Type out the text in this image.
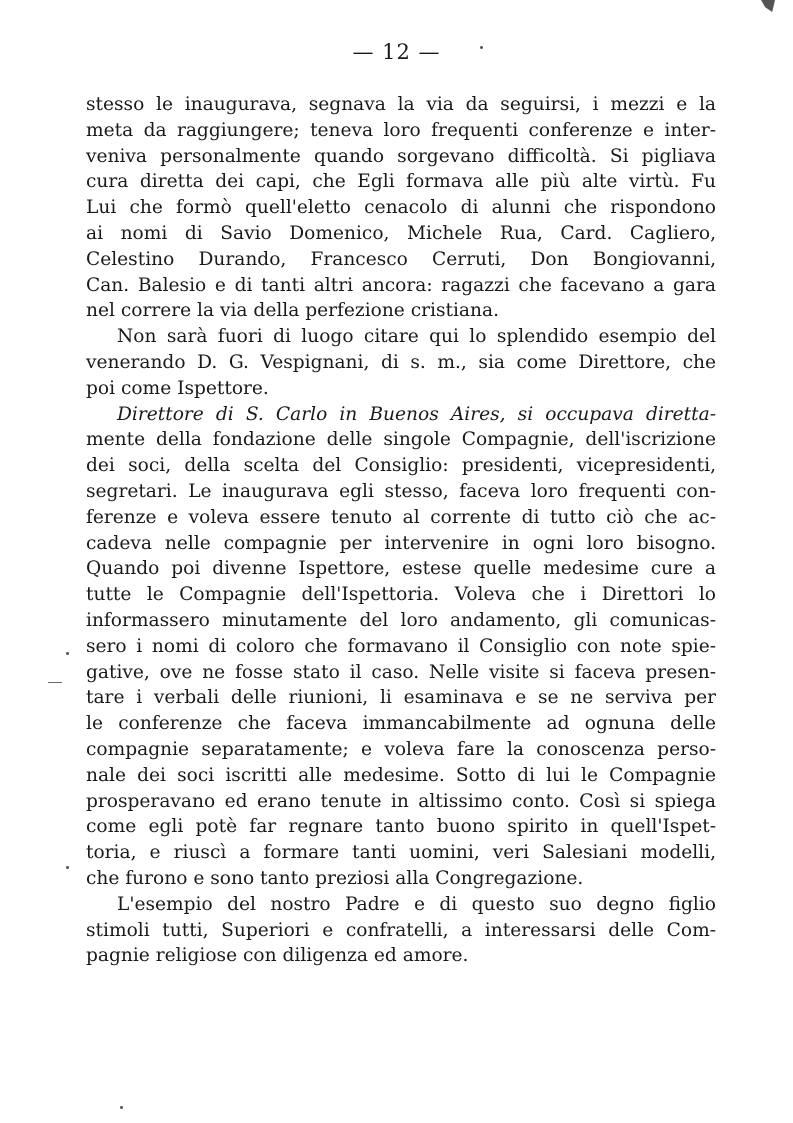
— 12 —
stesso le inaugurava, segnava la via da seguirsi, i mezzi e la
meta da raggiungere; teneva loro frequenti conferenze e inter-
veniva personalmente quando sorgevano difficoltà. Si pigliava
cura diretta dei capi, che Egli formava alle più alte virtù. Fu
Lui che formò quell'eletto cenacolo di alunni che rispondono
ai nomi di Savio Domenico, Michele Rua, Card. Cagliero,
Celestino Durando, Francesco Cerruti, Don Bongiovanni,
Can. Balesio e di tanti altri ancora: ragazzi che facevano a gara
nel correre la via della perfezione cristiana.
Non sarà fuori di luogo citare qui lo splendido esempio del
venerando D. G. Vespignani, di s. m., sia come Direttore, che
poi come Ispettore.
Direttore di S. Carlo in Buenos Aires, si occupava diretta-
mente della fondazione delle singole Compagnie, dell'iscrizione
dei soci, della scelta del Consiglio: presidenti, vicepresidenti,
segretari. Le inaugurava egli stesso, faceva loro frequenti con-
ferenze e voleva essere tenuto al corrente di tutto ciò che ac-
cadeva nelle compagnie per intervenire in ogni loro bisogno.
Quando poi divenne Ispettore, estese quelle medesime cure a
tutte le Compagnie dell'Ispettoria. Voleva che i Direttori lo
informassero minutamente del loro andamento, gli comunicas-
sero i nomi di coloro che formavano il Consiglio con note spie-
gative, ove ne fosse stato il caso. Nelle visite si faceva presen-
tare i verbali delle riunioni, li esaminava e se ne serviva per
le conferenze che faceva immancabilmente ad ognuna delle
compagnie separatamente; e voleva fare la conoscenza perso-
nale dei soci iscritti alle medesime. Sotto di lui le Compagnie
prosperavano ed erano tenute in altissimo conto. Così si spiega
come egli potè far regnare tanto buono spirito in quell'Ispet-
toria, e riuscì a formare tanti uomini, veri Salesiani modelli,
che furono e sono tanto preziosi alla Congregazione.
L'esempio del nostro Padre e di questo suo degno figlio
stimoli tutti, Superiori e confratelli, a interessarsi delle Com-
pagnie religiose con diligenza ed amore.
